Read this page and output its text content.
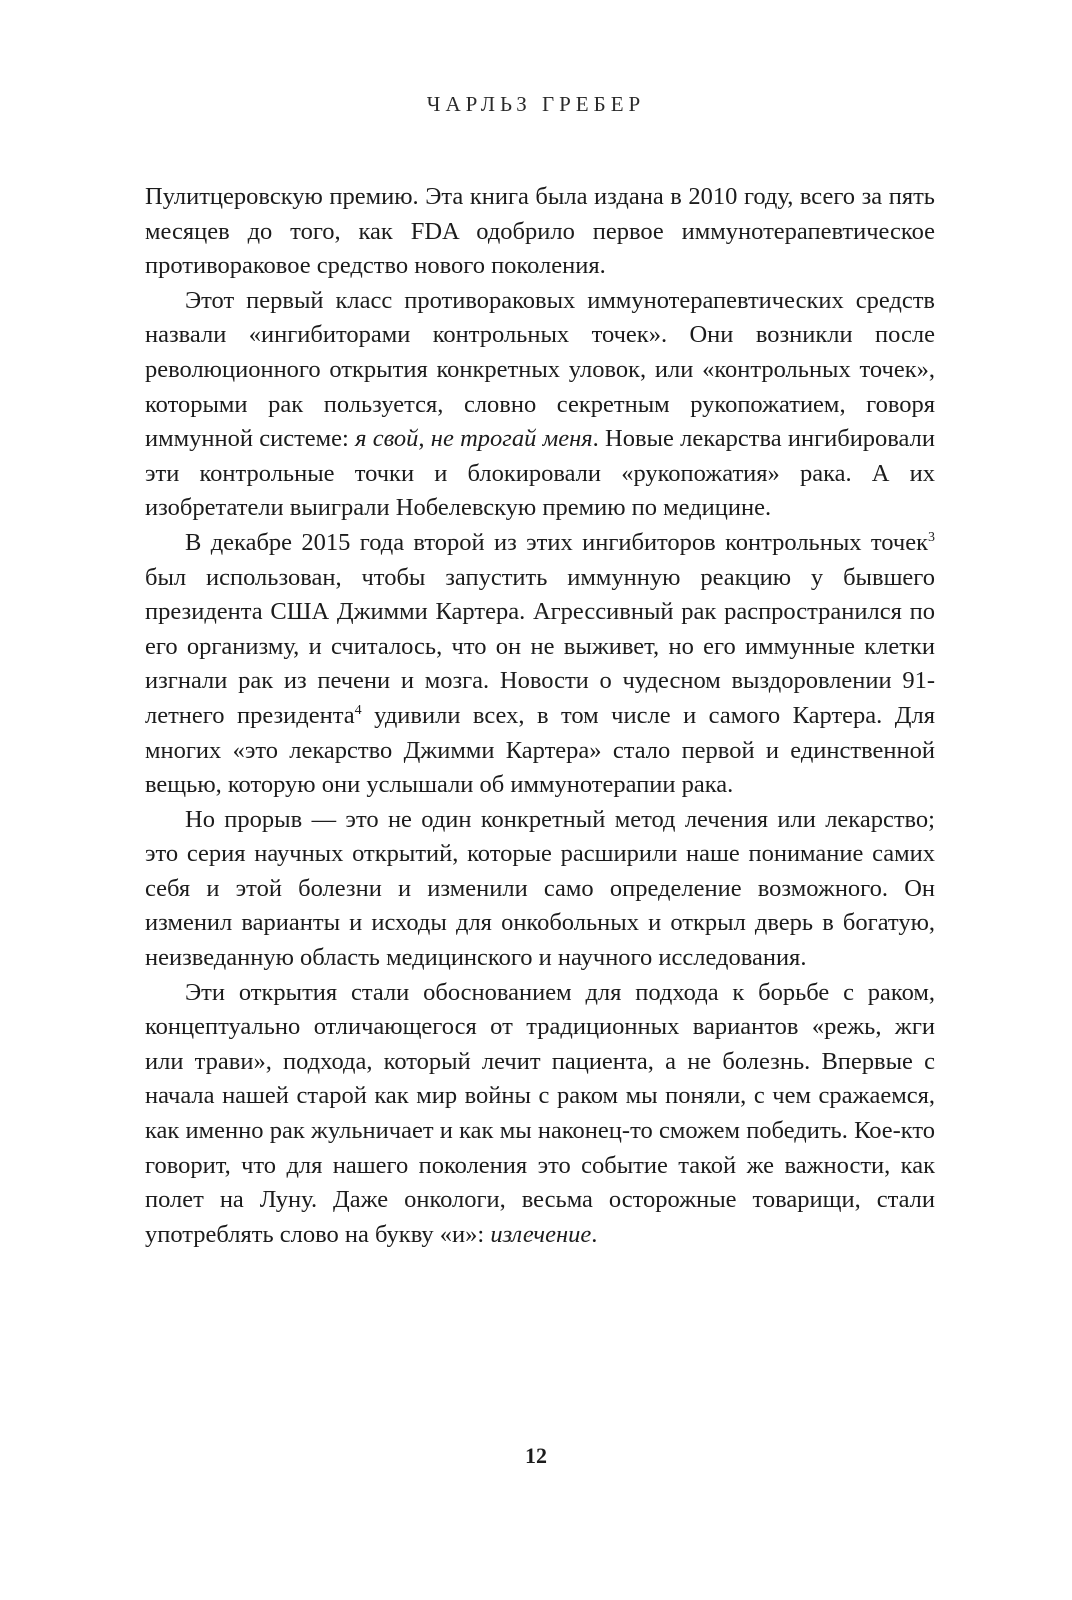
ЧАРЛЬЗ ГРЕБЕР

Пулитцеровскую премию. Эта книга была издана в 2010 году, всего за пять месяцев до того, как FDA одобрило первое иммунотерапевтическое противораковое средство нового поколения.

Этот первый класс противораковых иммунотерапевтических средств назвали «ингибиторами контрольных точек». Они возникли после революционного открытия конкретных уловок, или «контрольных точек», которыми рак пользуется, словно секретным рукопожатием, говоря иммунной системе: я свой, не трогай меня. Новые лекарства ингибировали эти контрольные точки и блокировали «рукопожатия» рака. А их изобретатели выиграли Нобелевскую премию по медицине.

В декабре 2015 года второй из этих ингибиторов контрольных точек$^3$ был использован, чтобы запустить иммунную реакцию у бывшего президента США Джимми Картера. Агрессивный рак распространился по его организму, и считалось, что он не выживет, но его иммунные клетки изгнали рак из печени и мозга. Новости о чудесном выздоровлении 91-летнего президента$^4$ удивили всех, в том числе и самого Картера. Для многих «это лекарство Джимми Картера» стало первой и единственной вещью, которую они услышали об иммунотерапии рака.

Но прорыв — это не один конкретный метод лечения или лекарство; это серия научных открытий, которые расширили наше понимание самих себя и этой болезни и изменили само определение возможного. Он изменил варианты и исходы для онкобольных и открыл дверь в богатую, неизведанную область медицинского и научного исследования.

Эти открытия стали обоснованием для подхода к борьбе с раком, концептуально отличающегося от традиционных вариантов «режь, жги или трави», подхода, который лечит пациента, а не болезнь. Впервые с начала нашей старой как мир войны с раком мы поняли, с чем сражаемся, как именно рак жульничает и как мы наконец-то сможем победить. Кое-кто говорит, что для нашего поколения это событие такой же важности, как полет на Луну. Даже онкологи, весьма осторожные товарищи, стали употреблять слово на букву «и»: излечение.

12
